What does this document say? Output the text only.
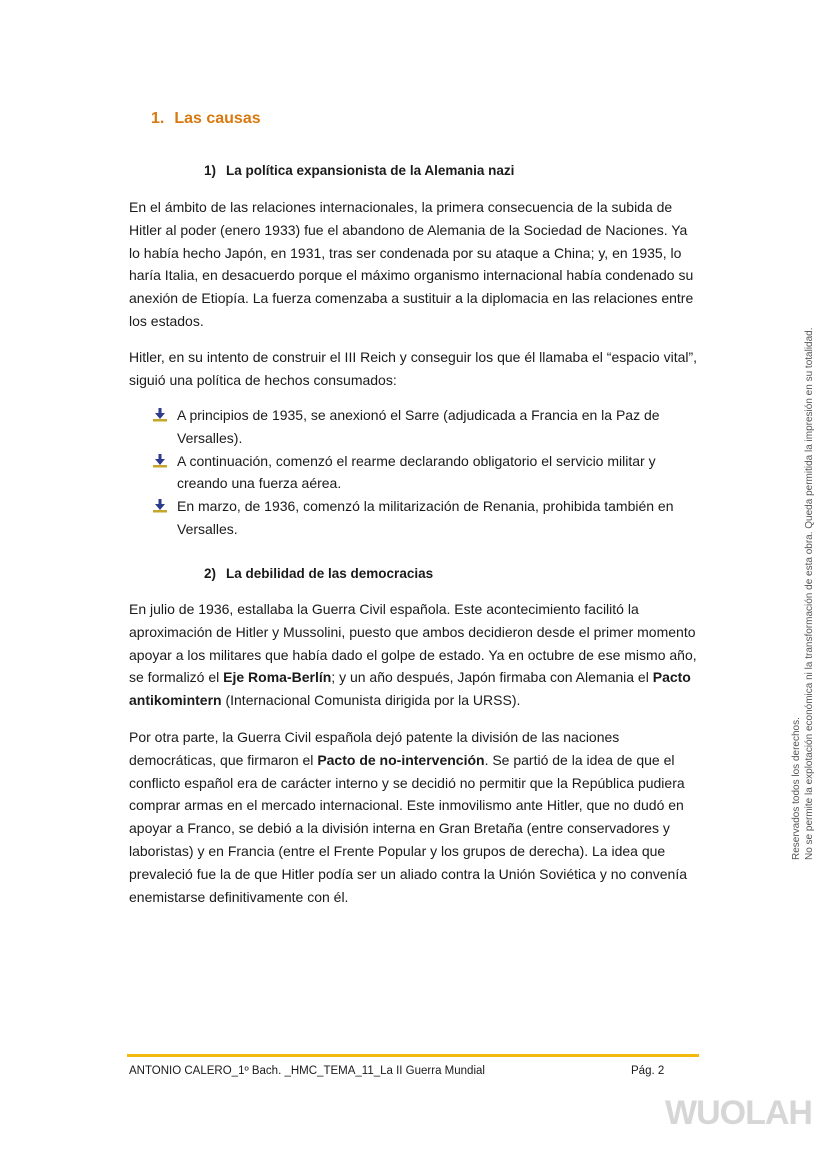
1. Las causas
1) La política expansionista de la Alemania nazi

En el ámbito de las relaciones internacionales, la primera consecuencia de la subida de Hitler al poder (enero 1933) fue el abandono de Alemania de la Sociedad de Naciones. Ya lo había hecho Japón, en 1931, tras ser condenada por su ataque a China; y, en 1935, lo haría Italia, en desacuerdo porque el máximo organismo internacional había condenado su anexión de Etiopía. La fuerza comenzaba a sustituir a la diplomacia en las relaciones entre los estados.

Hitler, en su intento de construir el III Reich y conseguir los que él llamaba el “espacio vital”, siguió una política de hechos consumados:

A principios de 1935, se anexionó el Sarre (adjudicada a Francia en la Paz de Versalles).
A continuación, comenzó el rearme declarando obligatorio el servicio militar y creando una fuerza aérea.
En marzo, de 1936, comenzó la militarización de Renania, prohibida también en Versalles.
2) La debilidad de las democracias

En julio de 1936, estallaba la Guerra Civil española. Este acontecimiento facilitó la aproximación de Hitler y Mussolini, puesto que ambos decidieron desde el primer momento apoyar a los militares que había dado el golpe de estado. Ya en octubre de ese mismo año, se formalizó el Eje Roma-Berlín; y un año después, Japón firmaba con Alemania el Pacto antikomintern (Internacional Comunista dirigida por la URSS).

Por otra parte, la Guerra Civil española dejó patente la división de las naciones democráticas, que firmaron el Pacto de no-intervención. Se partió de la idea de que el conflicto español era de carácter interno y se decidió no permitir que la República pudiera comprar armas en el mercado internacional. Este inmovilismo ante Hitler, que no dudó en apoyar a Franco, se debió a la división interna en Gran Bretaña (entre conservadores y laboristas) y en Francia (entre el Frente Popular y los grupos de derecha). La idea que prevaleció fue la de que Hitler podía ser un aliado contra la Unión Soviética y no convenía enemistarse definitivamente con él.

Reservados todos los derechos. No se permite la explotación económica ni la transformación de esta obra. Queda permitida la impresión en su totalidad.
ANTONIO CALERO_1º Bach. _HMC_TEMA_11_La II Guerra Mundial	Pág. 2
WUOLAH
